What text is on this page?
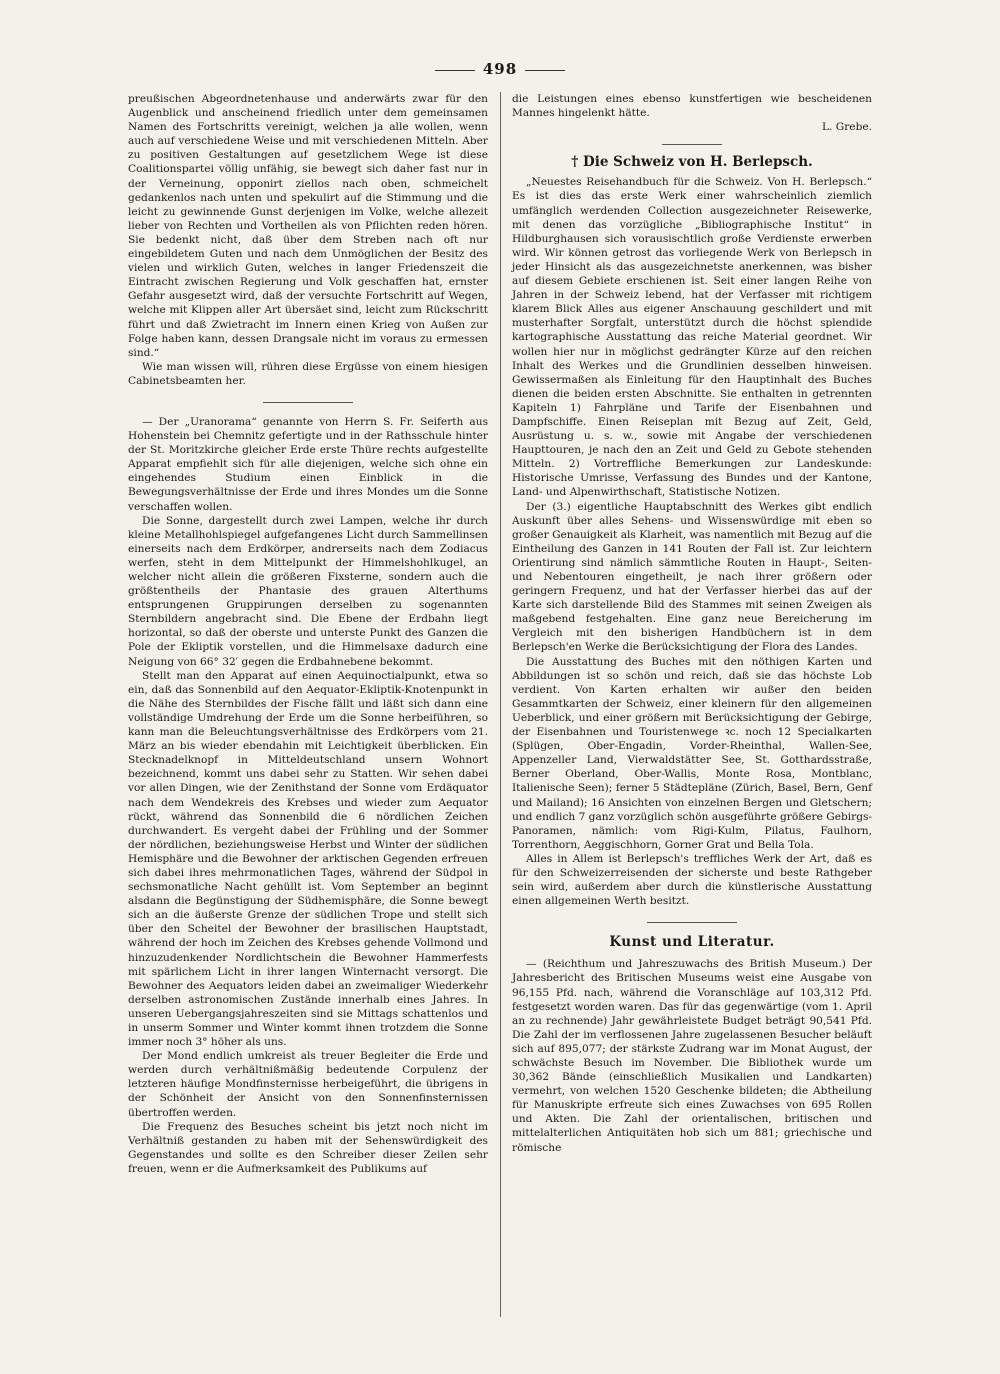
498

preußischen Abgeordnetenhause und anderwärts zwar für den Augenblick und anscheinend friedlich unter dem gemeinsamen Namen des Fortschritts vereinigt, welchen ja alle wollen, wenn auch auf verschiedene Weise und mit verschiedenen Mitteln. Aber zu positiven Gestaltungen auf gesetzlichem Wege ist diese Coalitionspartei völlig unfähig, sie bewegt sich daher fast nur in der Verneinung, opponirt ziellos nach oben, schmeichelt gedankenlos nach unten und spekulirt auf die Stimmung und die leicht zu gewinnende Gunst derjenigen im Volke, welche allezeit lieber von Rechten und Vortheilen als von Pflichten reden hören. Sie bedenkt nicht, daß über dem Streben nach oft nur eingebildetem Guten und nach dem Unmöglichen der Besitz des vielen und wirklich Guten, welches in langer Friedenszeit die Eintracht zwischen Regierung und Volk geschaffen hat, ernster Gefahr ausgesetzt wird, daß der versuchte Fortschritt auf Wegen, welche mit Klippen aller Art übersäet sind, leicht zum Rückschritt führt und daß Zwietracht im Innern einen Krieg von Außen zur Folge haben kann, dessen Drangsale nicht im voraus zu ermessen sind.“

Wie man wissen will, rühren diese Ergüsse von einem hiesigen Cabinetsbeamten her.

— Der „Uranorama“ genannte von Herrn S. Fr. Seiferth aus Hohenstein bei Chemnitz gefertigte und in der Rathsschule hinter der St. Moritzkirche gleicher Erde erste Thüre rechts aufgestellte Apparat empfiehlt sich für alle diejenigen, welche sich ohne ein eingehendes Studium einen Einblick in die Bewegungsverhältnisse der Erde und ihres Mondes um die Sonne verschaffen wollen.

Die Sonne, dargestellt durch zwei Lampen, welche ihr durch kleine Metallhohlspiegel aufgefangenes Licht durch Sammellinsen einerseits nach dem Erdkörper, andrerseits nach dem Zodiacus werfen, steht in dem Mittelpunkt der Himmelshohlkugel, an welcher nicht allein die größeren Fixsterne, sondern auch die größtentheils der Phantasie des grauen Alterthums entsprungenen Gruppirungen derselben zu sogenannten Sternbildern angebracht sind. Die Ebene der Erdbahn liegt horizontal, so daß der oberste und unterste Punkt des Ganzen die Pole der Ekliptik vorstellen, und die Himmelsaxe dadurch eine Neigung von 66° 32′ gegen die Erdbahnebene bekommt.

Stellt man den Apparat auf einen Aequinoctialpunkt, etwa so ein, daß das Sonnenbild auf den Aequator-Ekliptik-Knotenpunkt in die Nähe des Sternbildes der Fische fällt und läßt sich dann eine vollständige Umdrehung der Erde um die Sonne herbeiführen, so kann man die Beleuchtungsverhältnisse des Erdkörpers vom 21. März an bis wieder ebendahin mit Leichtigkeit überblicken. Ein Stecknadelknopf in Mitteldeutschland unsern Wohnort bezeichnend, kommt uns dabei sehr zu Statten. Wir sehen dabei vor allen Dingen, wie der Zenithstand der Sonne vom Erdäquator nach dem Wendekreis des Krebses und wieder zum Aequator rückt, während das Sonnenbild die 6 nördlichen Zeichen durchwandert. Es vergeht dabei der Frühling und der Sommer der nördlichen, beziehungsweise Herbst und Winter der südlichen Hemisphäre und die Bewohner der arktischen Gegenden erfreuen sich dabei ihres mehrmonatlichen Tages, während der Südpol in sechsmonatliche Nacht gehüllt ist. Vom September an beginnt alsdann die Begünstigung der Südhemisphäre, die Sonne bewegt sich an die äußerste Grenze der südlichen Trope und stellt sich über den Scheitel der Bewohner der brasilischen Hauptstadt, während der hoch im Zeichen des Krebses gehende Vollmond und hinzuzudenkender Nordlichtschein die Bewohner Hammerfests mit spärlichem Licht in ihrer langen Winternacht versorgt. Die Bewohner des Aequators leiden dabei an zweimaliger Wiederkehr derselben astronomischen Zustände innerhalb eines Jahres. In unseren Uebergangsjahreszeiten sind sie Mittags schattenlos und in unserm Sommer und Winter kommt ihnen trotzdem die Sonne immer noch 3° höher als uns.

Der Mond endlich umkreist als treuer Begleiter die Erde und werden durch verhältnißmäßig bedeutende Corpulenz der letzteren häufige Mondfinsternisse herbeigeführt, die übrigens in der Schönheit der Ansicht von den Sonnenfinsternissen übertroffen werden.

Die Frequenz des Besuches scheint bis jetzt noch nicht im Verhältniß gestanden zu haben mit der Sehenswürdigkeit des Gegenstandes und sollte es den Schreiber dieser Zeilen sehr freuen, wenn er die Aufmerksamkeit des Publikums auf

die Leistungen eines ebenso kunstfertigen wie bescheidenen Mannes hingelenkt hätte.

L. Grebe.

† Die Schweiz von H. Berlepsch.

„Neuestes Reisehandbuch für die Schweiz. Von H. Berlepsch.“ Es ist dies das erste Werk einer wahrscheinlich ziemlich umfänglich werdenden Collection ausgezeichneter Reisewerke, mit denen das vorzügliche „Bibliographische Institut“ in Hildburghausen sich vorausischtlich große Verdienste erwerben wird. Wir können getrost das vorliegende Werk von Berlepsch in jeder Hinsicht als das ausgezeichnetste anerkennen, was bisher auf diesem Gebiete erschienen ist. Seit einer langen Reihe von Jahren in der Schweiz lebend, hat der Verfasser mit richtigem klarem Blick Alles aus eigener Anschauung geschildert und mit musterhafter Sorgfalt, unterstützt durch die höchst splendide kartographische Ausstattung das reiche Material geordnet. Wir wollen hier nur in möglichst gedrängter Kürze auf den reichen Inhalt des Werkes und die Grundlinien desselben hinweisen. Gewissermaßen als Einleitung für den Hauptinhalt des Buches dienen die beiden ersten Abschnitte. Sie enthalten in getrennten Kapiteln 1) Fahrpläne und Tarife der Eisenbahnen und Dampfschiffe. Einen Reiseplan mit Bezug auf Zeit, Geld, Ausrüstung u. s. w., sowie mit Angabe der verschiedenen Haupttouren, je nach den an Zeit und Geld zu Gebote stehenden Mitteln. 2) Vortreffliche Bemerkungen zur Landeskunde: Historische Umrisse, Verfassung des Bundes und der Kantone, Land- und Alpenwirthschaft, Statistische Notizen.

Der (3.) eigentliche Hauptabschnitt des Werkes gibt endlich Auskunft über alles Sehens- und Wissenswürdige mit eben so großer Genauigkeit als Klarheit, was namentlich mit Bezug auf die Eintheilung des Ganzen in 141 Routen der Fall ist. Zur leichtern Orientirung sind nämlich sämmtliche Routen in Haupt-, Seiten- und Nebentouren eingetheilt, je nach ihrer größern oder geringern Frequenz, und hat der Verfasser hierbei das auf der Karte sich darstellende Bild des Stammes mit seinen Zweigen als maßgebend festgehalten. Eine ganz neue Bereicherung im Vergleich mit den bisherigen Handbüchern ist in dem Berlepsch'en Werke die Berücksichtigung der Flora des Landes.

Die Ausstattung des Buches mit den nöthigen Karten und Abbildungen ist so schön und reich, daß sie das höchste Lob verdient. Von Karten erhalten wir außer den beiden Gesammtkarten der Schweiz, einer kleinern für den allgemeinen Ueberblick, und einer größern mit Berücksichtigung der Gebirge, der Eisenbahnen und Touristenwege ꝛc. noch 12 Specialkarten (Splügen, Ober-Engadin, Vorder-Rheinthal, Wallen-See, Appenzeller Land, Vierwaldstätter See, St. Gotthardsstraße, Berner Oberland, Ober-Wallis, Monte Rosa, Montblanc, Italienische Seen); ferner 5 Städtepläne (Zürich, Basel, Bern, Genf und Mailand); 16 Ansichten von einzelnen Bergen und Gletschern; und endlich 7 ganz vorzüglich schön ausgeführte größere Gebirgs-Panoramen, nämlich: vom Rigi-Kulm, Pilatus, Faulhorn, Torrenthorn, Aeggischhorn, Gorner Grat und Bella Tola.

Alles in Allem ist Berlepsch's treffliches Werk der Art, daß es für den Schweizerreisenden der sicherste und beste Rathgeber sein wird, außerdem aber durch die künstlerische Ausstattung einen allgemeinen Werth besitzt.

Kunst und Literatur.

— (Reichthum und Jahreszuwachs des British Museum.) Der Jahresbericht des Britischen Museums weist eine Ausgabe von 96,155 Pfd. nach, während die Voranschläge auf 103,312 Pfd. festgesetzt worden waren. Das für das gegenwärtige (vom 1. April an zu rechnende) Jahr gewährleistete Budget beträgt 90,541 Pfd. Die Zahl der im verflossenen Jahre zugelassenen Besucher beläuft sich auf 895,077; der stärkste Zudrang war im Monat August, der schwächste Besuch im November. Die Bibliothek wurde um 30,362 Bände (einschließlich Musikalien und Landkarten) vermehrt, von welchen 1520 Geschenke bildeten; die Abtheilung für Manuskripte erfreute sich eines Zuwachses von 695 Rollen und Akten. Die Zahl der orientalischen, britischen und mittelalterlichen Antiquitäten hob sich um 881; griechische und römische
